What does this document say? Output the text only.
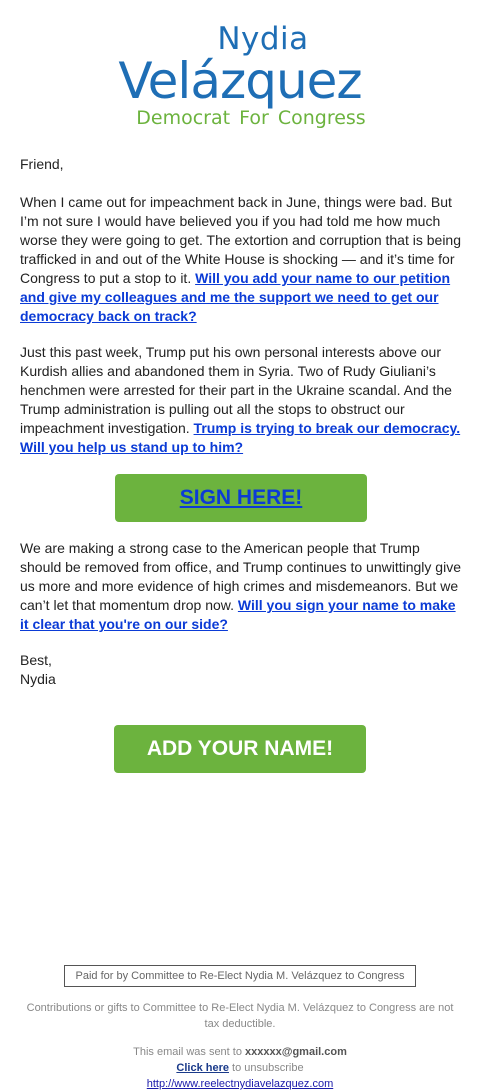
Nydia
Velázquez
Democrat For Congress

Friend,

When I came out for impeachment back in June, things were bad. But I’m not sure I would have believed you if you had told me how much worse they were going to get. The extortion and corruption that is being trafficked in and out of the White House is shocking — and it’s time for Congress to put a stop to it. Will you add your name to our petition and give my colleagues and me the support we need to get our democracy back on track?

Just this past week, Trump put his own personal interests above our Kurdish allies and abandoned them in Syria. Two of Rudy Giuliani’s henchmen were arrested for their part in the Ukraine scandal. And the Trump administration is pulling out all the stops to obstruct our impeachment investigation. Trump is trying to break our democracy. Will you help us stand up to him?

SIGN HERE!

We are making a strong case to the American people that Trump should be removed from office, and Trump continues to unwittingly give us more and more evidence of high crimes and misdemeanors. But we can’t let that momentum drop now. Will you sign your name to make it clear that you're on our side?

Best,
Nydia

ADD YOUR NAME!
Paid for by Committee to Re-Elect Nydia M. Velázquez to Congress
Contributions or gifts to Committee to Re-Elect Nydia M. Velázquez to Congress are not tax deductible.
This email was sent to xxxxxx@gmail.com
Click here to unsubscribe
http://www.reelectnydiavelazquez.com
